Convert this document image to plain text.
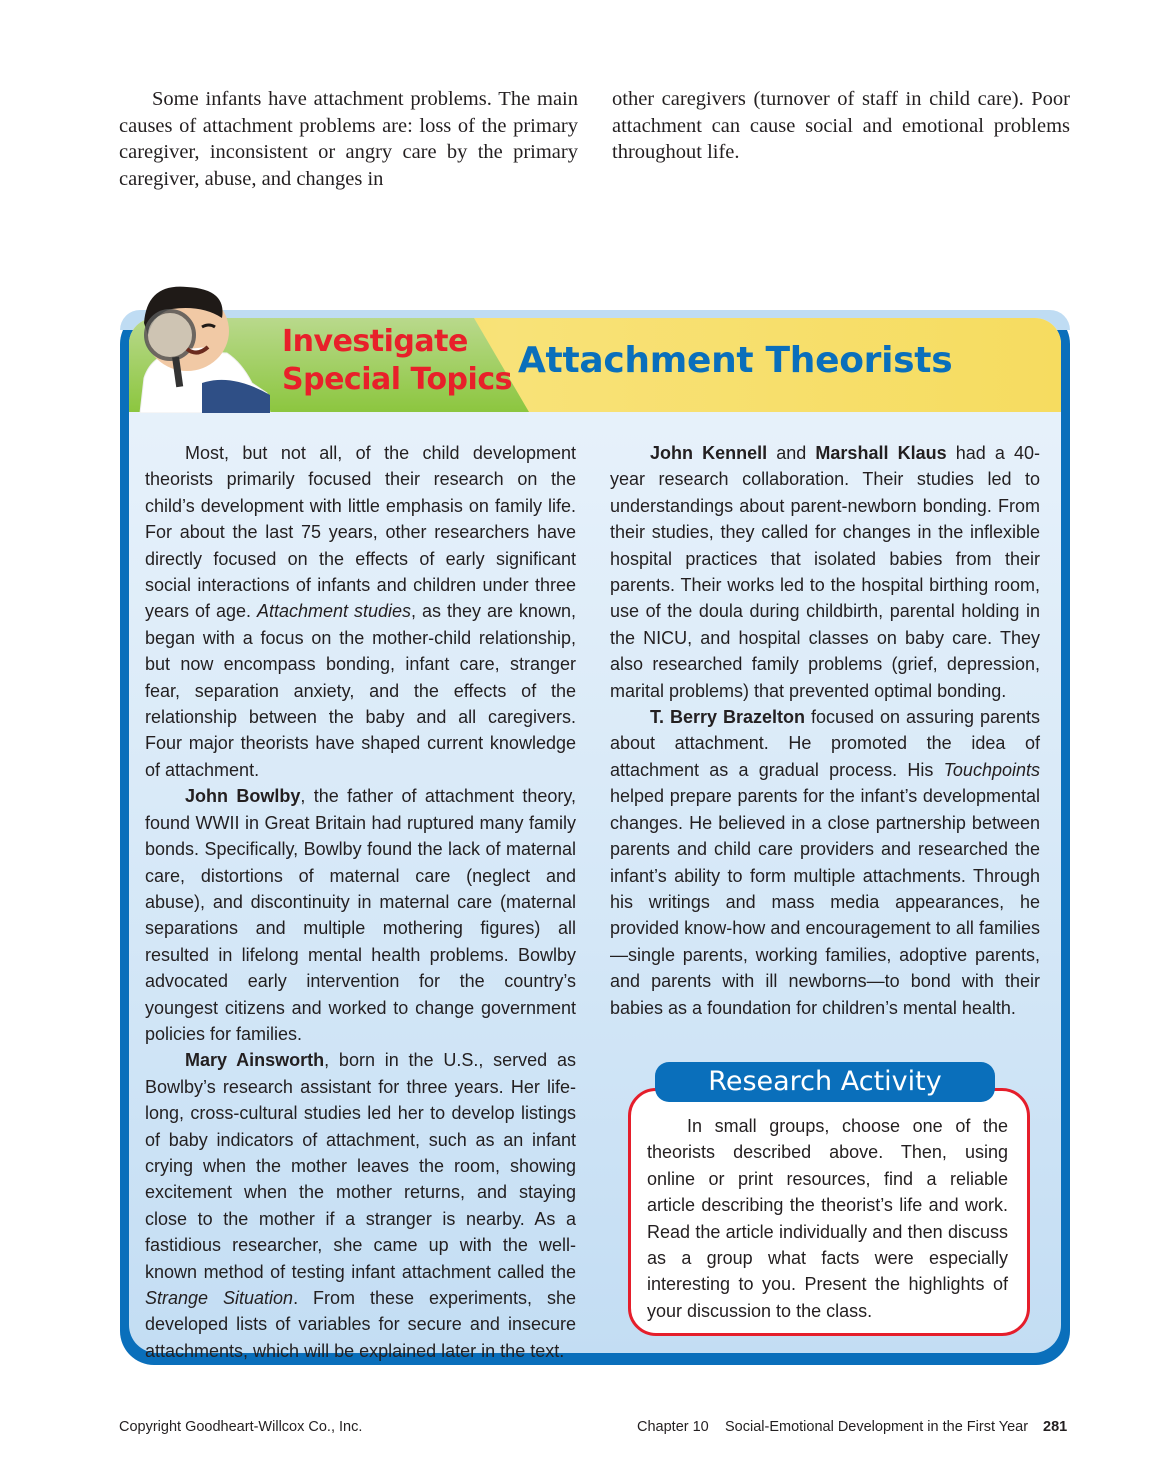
Some infants have attachment problems. The main causes of attachment problems are: loss of the primary caregiver, inconsistent or angry care by the primary caregiver, abuse, and changes in

other caregivers (turnover of staff in child care). Poor attachment can cause social and emotional problems throughout life.

Investigate
Special Topics Attachment Theorists

Most, but not all, of the child development theorists primarily focused their research on the child’s development with little emphasis on family life. For about the last 75 years, other researchers have directly focused on the effects of early significant social interactions of infants and children under three years of age. Attachment studies, as they are known, began with a focus on the mother-child relationship, but now encompass bonding, infant care, stranger fear, separation anxiety, and the effects of the relationship between the baby and all caregivers. Four major theorists have shaped current knowledge of attachment.

John Bowlby, the father of attachment theory, found WWII in Great Britain had ruptured many family bonds. Specifically, Bowlby found the lack of maternal care, distortions of maternal care (neglect and abuse), and discontinuity in maternal care (maternal separations and multiple mothering figures) all resulted in lifelong mental health problems. Bowlby advocated early intervention for the country’s youngest citizens and worked to change government policies for families.

Mary Ainsworth, born in the U.S., served as Bowlby’s research assistant for three years. Her life-long, cross-cultural studies led her to develop listings of baby indicators of attachment, such as an infant crying when the mother leaves the room, showing excitement when the mother returns, and staying close to the mother if a stranger is nearby. As a fastidious researcher, she came up with the well-known method of testing infant attachment called the Strange Situation. From these experiments, she developed lists of variables for secure and insecure attachments, which will be explained later in the text.

John Kennell and Marshall Klaus had a 40-year research collaboration. Their studies led to understandings about parent-newborn bonding. From their studies, they called for changes in the inflexible hospital practices that isolated babies from their parents. Their works led to the hospital birthing room, use of the doula during childbirth, parental holding in the NICU, and hospital classes on baby care. They also researched family problems (grief, depression, marital problems) that prevented optimal bonding.

T. Berry Brazelton focused on assuring parents about attachment. He promoted the idea of attachment as a gradual process. His Touchpoints helped prepare parents for the infant’s developmental changes. He believed in a close partnership between parents and child care providers and researched the infant’s ability to form multiple attachments. Through his writings and mass media appearances, he provided know-how and encouragement to all families—single parents, working families, adoptive parents, and parents with ill newborns—to bond with their babies as a foundation for children’s mental health.

Research Activity

In small groups, choose one of the theorists described above. Then, using online or print resources, find a reliable article describing the theorist’s life and work. Read the article individually and then discuss as a group what facts were especially interesting to you. Present the highlights of your discussion to the class.

Copyright Goodheart-Willcox Co., Inc.	Chapter 10 Social-Emotional Development in the First Year 281
